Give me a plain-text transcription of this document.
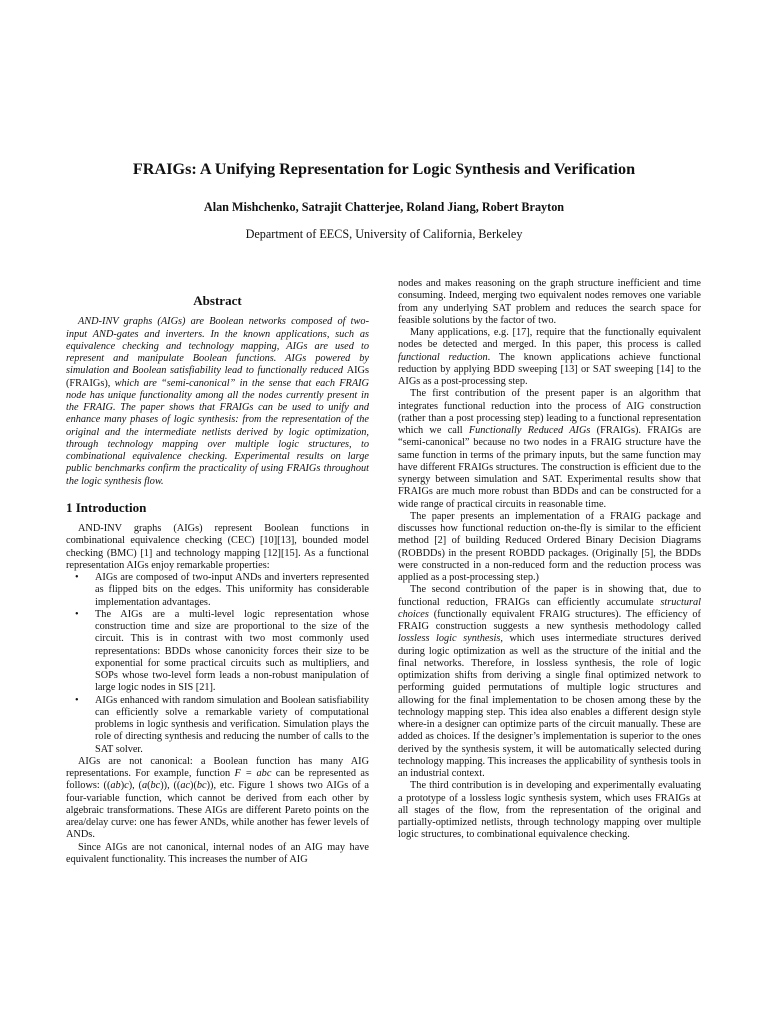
FRAIGs: A Unifying Representation for Logic Synthesis and Verification
Alan Mishchenko, Satrajit Chatterjee, Roland Jiang, Robert Brayton
Department of EECS, University of California, Berkeley
Abstract

AND-INV graphs (AIGs) are Boolean networks composed of two-input AND-gates and inverters. In the known applications, such as equivalence checking and technology mapping, AIGs are used to represent and manipulate Boolean functions. AIGs powered by simulation and Boolean satisfiability lead to functionally reduced AIGs (FRAIGs), which are “semi-canonical” in the sense that each FRAIG node has unique functionality among all the nodes currently present in the FRAIG. The paper shows that FRAIGs can be used to unify and enhance many phases of logic synthesis: from the representation of the original and the intermediate netlists derived by logic optimization, through technology mapping over multiple logic structures, to combinational equivalence checking. Experimental results on large public benchmarks confirm the practicality of using FRAIGs throughout the logic synthesis flow.

1 Introduction

AND-INV graphs (AIGs) represent Boolean functions in combinational equivalence checking (CEC) [10][13], bounded model checking (BMC) [1] and technology mapping [12][15]. As a functional representation AIGs enjoy remarkable properties:

• AIGs are composed of two-input ANDs and inverters represented as flipped bits on the edges. This uniformity has considerable implementation advantages.
• The AIGs are a multi-level logic representation whose construction time and size are proportional to the size of the circuit. This is in contrast with two most commonly used representations: BDDs whose canonicity forces their size to be exponential for some practical circuits such as multipliers, and SOPs whose two-level form leads a non-robust manipulation of large logic nodes in SIS [21].
• AIGs enhanced with random simulation and Boolean satisfiability can efficiently solve a remarkable variety of computational problems in logic synthesis and verification. Simulation plays the role of directing synthesis and reducing the number of calls to the SAT solver.

AIGs are not canonical: a Boolean function has many AIG representations. For example, function F = abc can be represented as follows: ((ab)c), (a(bc)), ((ac)(bc)), etc. Figure 1 shows two AIGs of a four-variable function, which cannot be derived from each other by algebraic transformations. These AIGs are different Pareto points on the area/delay curve: one has fewer ANDs, while another has fewer levels of ANDs.

Since AIGs are not canonical, internal nodes of an AIG may have equivalent functionality. This increases the number of AIG

nodes and makes reasoning on the graph structure inefficient and time consuming. Indeed, merging two equivalent nodes removes one variable from any underlying SAT problem and reduces the search space for feasible solutions by the factor of two.

Many applications, e.g. [17], require that the functionally equivalent nodes be detected and merged. In this paper, this process is called functional reduction. The known applications achieve functional reduction by applying BDD sweeping [13] or SAT sweeping [14] to the AIGs as a post-processing step.

The first contribution of the present paper is an algorithm that integrates functional reduction into the process of AIG construction (rather than a post processing step) leading to a functional representation which we call Functionally Reduced AIGs (FRAIGs). FRAIGs are “semi-canonical” because no two nodes in a FRAIG structure have the same function in terms of the primary inputs, but the same function may have different FRAIGs structures. The construction is efficient due to the synergy between simulation and SAT. Experimental results show that FRAIGs are much more robust than BDDs and can be constructed for a wide range of practical circuits in reasonable time.

The paper presents an implementation of a FRAIG package and discusses how functional reduction on-the-fly is similar to the efficient method [2] of building Reduced Ordered Binary Decision Diagrams (ROBDDs) in the present ROBDD packages. (Originally [5], the BDDs were constructed in a non-reduced form and the reduction process was applied as a post-processing step.)

The second contribution of the paper is in showing that, due to functional reduction, FRAIGs can efficiently accumulate structural choices (functionally equivalent FRAIG structures). The efficiency of FRAIG construction suggests a new synthesis methodology called lossless logic synthesis, which uses intermediate structures derived during logic optimization as well as the structure of the initial and the final networks. Therefore, in lossless synthesis, the role of logic optimization shifts from deriving a single final optimized network to performing guided permutations of multiple logic structures and allowing for the final implementation to be chosen among these by the technology mapping step. This idea also enables a different design style where-in a designer can optimize parts of the circuit manually. These are added as choices. If the designer’s implementation is superior to the ones derived by the synthesis system, it will be automatically selected during technology mapping. This increases the applicability of synthesis tools in an industrial context.

The third contribution is in developing and experimentally evaluating a prototype of a lossless logic synthesis system, which uses FRAIGs at all stages of the flow, from the representation of the original and partially-optimized netlists, through technology mapping over multiple logic structures, to combinational equivalence checking.
